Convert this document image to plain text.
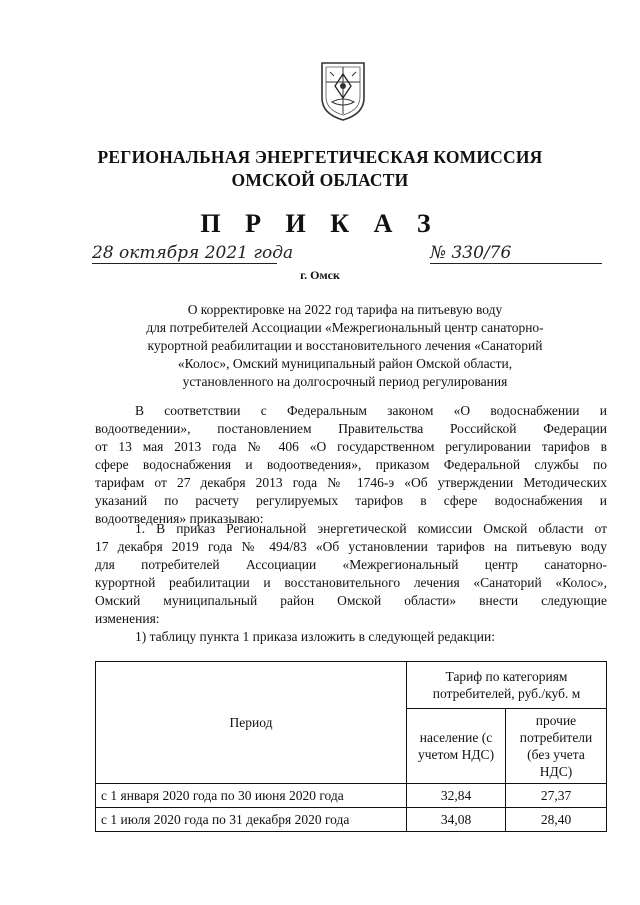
РЕГИОНАЛЬНАЯ ЭНЕРГЕТИЧЕСКАЯ КОМИССИЯ
ОМСКОЙ ОБЛАСТИ
П Р И К А З
28 октября 2021 года	№ 330/76
г. Омск
О корректировке на 2022 год тарифа на питьевую воду
для потребителей Ассоциации «Межрегиональный центр санаторно-
курортной реабилитации и восстановительного лечения «Санаторий
«Колос», Омский муниципальный район Омской области,
установленного на долгосрочный период регулирования
В соответствии с Федеральным законом «О водоснабжении и
водоотведении», постановлением Правительства Российской Федерации
от 13 мая 2013 года № 406 «О государственном регулировании тарифов в
сфере водоснабжения и водоотведения», приказом Федеральной службы по
тарифам от 27 декабря 2013 года № 1746-э «Об утверждении Методических
указаний по расчету регулируемых тарифов в сфере водоснабжения и
водоотведения» приказываю:
1. В приказ Региональной энергетической комиссии Омской области от
17 декабря 2019 года № 494/83 «Об установлении тарифов на питьевую воду
для потребителей Ассоциации «Межрегиональный центр санаторно-
курортной реабилитации и восстановительного лечения «Санаторий «Колос»,
Омский муниципальный район Омской области» внести следующие
изменения:
1) таблицу пункта 1 приказа изложить в следующей редакции:
Период	Тариф по категориям потребителей, руб./куб. м	
	население (с учетом НДС)	прочие потребители (без учета НДС)
с 1 января 2020 года по 30 июня 2020 года	32,84	27,37
с 1 июля 2020 года по 31 декабря 2020 года	34,08	28,40
